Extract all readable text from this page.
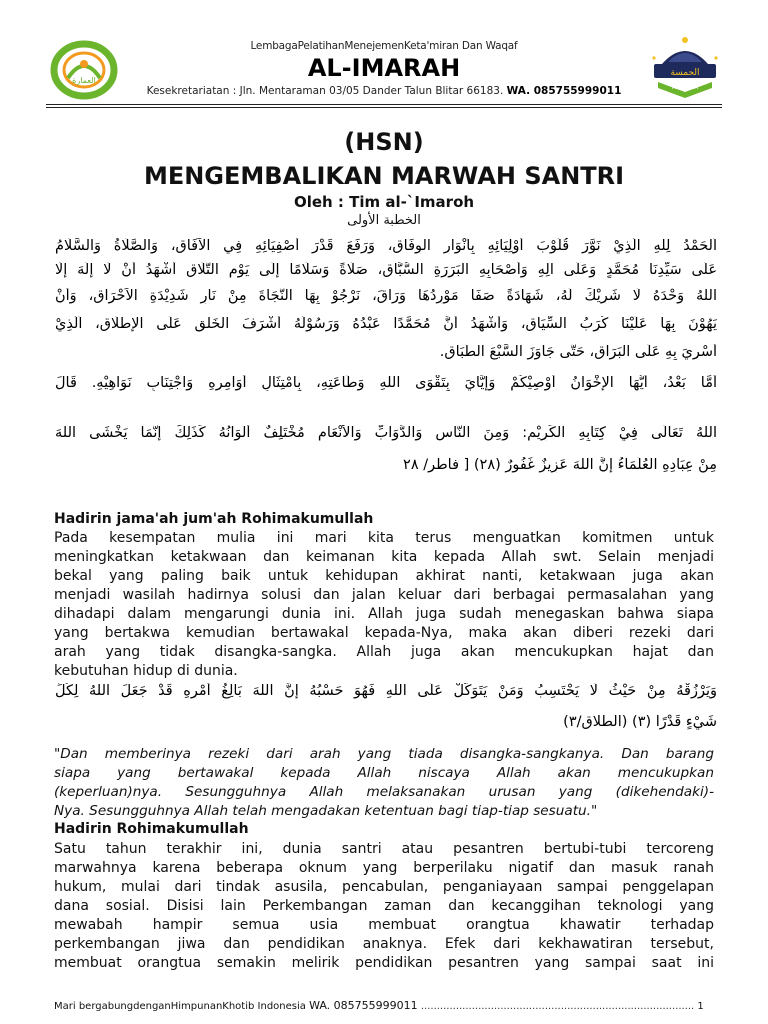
العمارة
الحمسة
AL HAMSA
LembagaPelatihanMenejemenKeta'miran Dan Waqaf
AL-IMARAH
Kesekretariatan : Jln. Mentaraman 03/05 Dander Talun Blitar 66183. WA. 085755999011
(HSN)
MENGEMBALIKAN MARWAH SANTRI
Oleh : Tim al-`Imaroh
الخطبة الأولى
اَلْحَمْدُ لِلهِ الَّذِيْ نَوَّرَ قُلُوْبَ أَوْلِيَائِهِ بِأَنْوَارِ الْوِفَاقِ، وَرَفَعَ قَدْرَ أَصْفِيَائِهِ فِي الْآفَاقِ، وَالصَّلَاةُ وَالسَّلَامُ
عَلَى سَيِّدِنَا مُحَمَّدٍ وَعَلَى آلِهِ وَأَصْحَابِهِ الْبَرَرَةِ السُّبَّاقِ، صَلَاةً وَسَلَامًا إِلَى يَوْمِ التَّلَاقِ أَشْهَدُ أَنْ لَا إِلَهَ إِلَّا
اللهُ وَحْدَهُ لَا شَرِيْكَ لَهُ، شَهَادَةً صَفَا مَوْرِدُهَا وَرَاقَ، نَرْجُوْ بِهَا النَّجَاةَ مِنْ نَارٍ شَدِيْدَةِ الْاَحْرَاقِ، وَأَنْ
يَهُوْنَ بِهَا عَلَيْنَا كُرَبُ السِّيَاقِ، وَأَشْهَدُ أَنَّ مُحَمَّدًا عَبْدُهُ وَرَسُوْلُهُ أَشْرَفَ الْخَلْقِ عَلَى الْإِطْلَاقِ، اَلَّذِيْ
أُسْرِيَ بِهِ عَلَى الْبَرَاقِ، حَتَّى جَاوَزَ السَّبْعَ الطِّبَاقِ.
أَمَّا بَعْدُ، أَيُّهَا الْإِخْوَانُ أُوْصِيْكُمْ وَإِيَّايَ بِتَقْوَى اللهِ وَطَاعَتِهِ، بِامْتِثَالِ أَوَامِرِهِ وَاجْتِنَابِ نَوَاهِيْهِ. قَالَ
اللهُ تَعَالَى فِيْ كِتَابِهِ الْكَرِيْمِ: وَمِنَ النَّاسِ وَالدَّوَابِّ وَالْأَنْعَامِ مُخْتَلِفٌ أَلْوَانُهُ كَذَلِكَ إِنَّمَا يَخْشَى اللهَ
مِنْ عِبَادِهِ الْعُلَمَاءُ إِنَّ اللهَ عَزِيزٌ غَفُورٌ (٢٨) [ فاطر/ ٢٨
Hadirin jama'ah jum'ah Rohimakumullah
Pada kesempatan mulia ini mari kita terus menguatkan komitmen untuk
meningkatkan ketakwaan dan keimanan kita kepada Allah swt. Selain menjadi
bekal yang paling baik untuk kehidupan akhirat nanti, ketakwaan juga akan
menjadi wasilah hadirnya solusi dan jalan keluar dari berbagai permasalahan yang
dihadapi dalam mengarungi dunia ini. Allah juga sudah menegaskan bahwa siapa
yang bertakwa kemudian bertawakal kepada-Nya, maka akan diberi rezeki dari
arah yang tidak disangka-sangka. Allah juga akan mencukupkan hajat dan
kebutuhan hidup di dunia.
وَيَرْزُقْهُ مِنْ حَيْثُ لَا يَحْتَسِبُ وَمَنْ يَتَوَكَّلْ عَلَى اللهِ فَهُوَ حَسْبُهُ إِنَّ اللهَ بَالِغُ أَمْرِهِ قَدْ جَعَلَ اللهُ لِكُلِّ
شَيْءٍ قَدْرًا (٣) (الطلاق/٣)
"Dan memberinya rezeki dari arah yang tiada disangka-sangkanya. Dan barang
siapa yang bertawakal kepada Allah niscaya Allah akan mencukupkan
(keperluan)nya. Sesungguhnya Allah melaksanakan urusan yang (dikehendaki)-
Nya. Sesungguhnya Allah telah mengadakan ketentuan bagi tiap-tiap sesuatu."
Hadirin Rohimakumullah
Satu tahun terakhir ini, dunia santri atau pesantren bertubi-tubi tercoreng
marwahnya karena beberapa oknum yang berperilaku nigatif dan masuk ranah
hukum, mulai dari tindak asusila, pencabulan, penganiayaan sampai penggelapan
dana sosial. Disisi lain Perkembangan zaman dan kecanggihan teknologi yang
mewabah hampir semua usia membuat orangtua khawatir terhadap
perkembangan jiwa dan pendidikan anaknya. Efek dari kekhawatiran tersebut,
membuat orangtua semakin melirik pendidikan pesantren yang sampai saat ini
Mari bergabungdenganHimpunanKhotib Indonesia WA. 085755999011 ...................................................................................... 1
